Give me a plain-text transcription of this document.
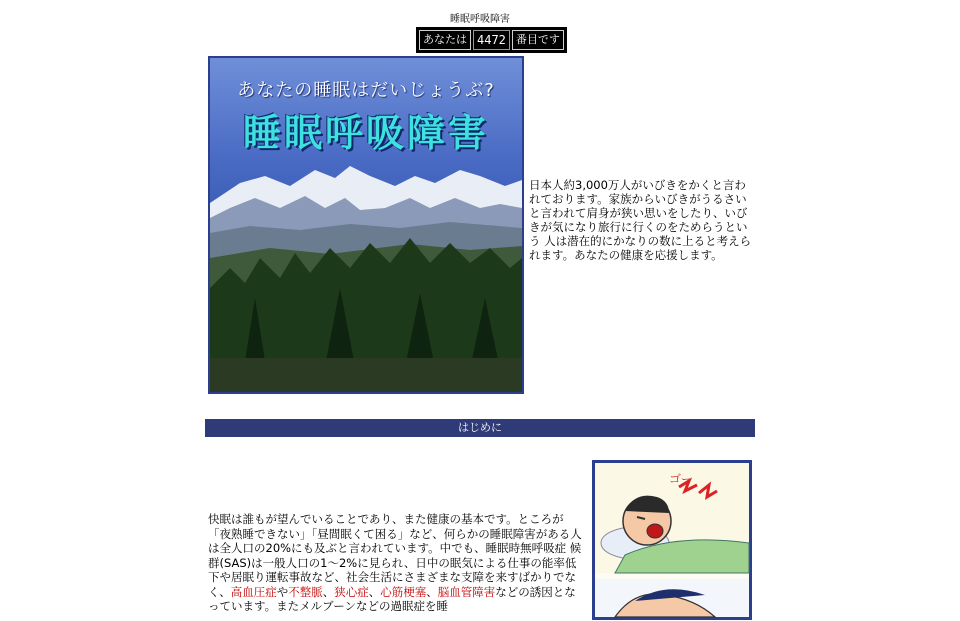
睡眠呼吸障害
あなたは 4472 番目です
あなたの睡眠はだいじょうぶ?
睡眠呼吸障害
日本人約3,000万人がいびきをかくと言われております。家族からいびきがうるさいと言われて肩身が狭い思いをしたり、いびきが気になり旅行に行くのをためらうという 人は潜在的にかなりの数に上ると考えられます。あなたの健康を応援します。
はじめに
快眠は誰もが望んでいることであり、また健康の基本です。ところが「夜熟睡できない」「昼間眠くて困る」など、何らかの睡眠障害がある人は全人口の20%にも及ぶと言われています。中でも、睡眠時無呼吸症 候群(SAS)は一般人口の1〜2%に見られ、日中の眠気による仕事の能率低下や居眠り運転事故など、社会生活にさまざまな支障を来すばかりでなく、高血圧症や不整脈、狭心症、心筋梗塞、脳血管障害などの誘因となっています。またメルブーンなどの過眠症を睡
ゴー
